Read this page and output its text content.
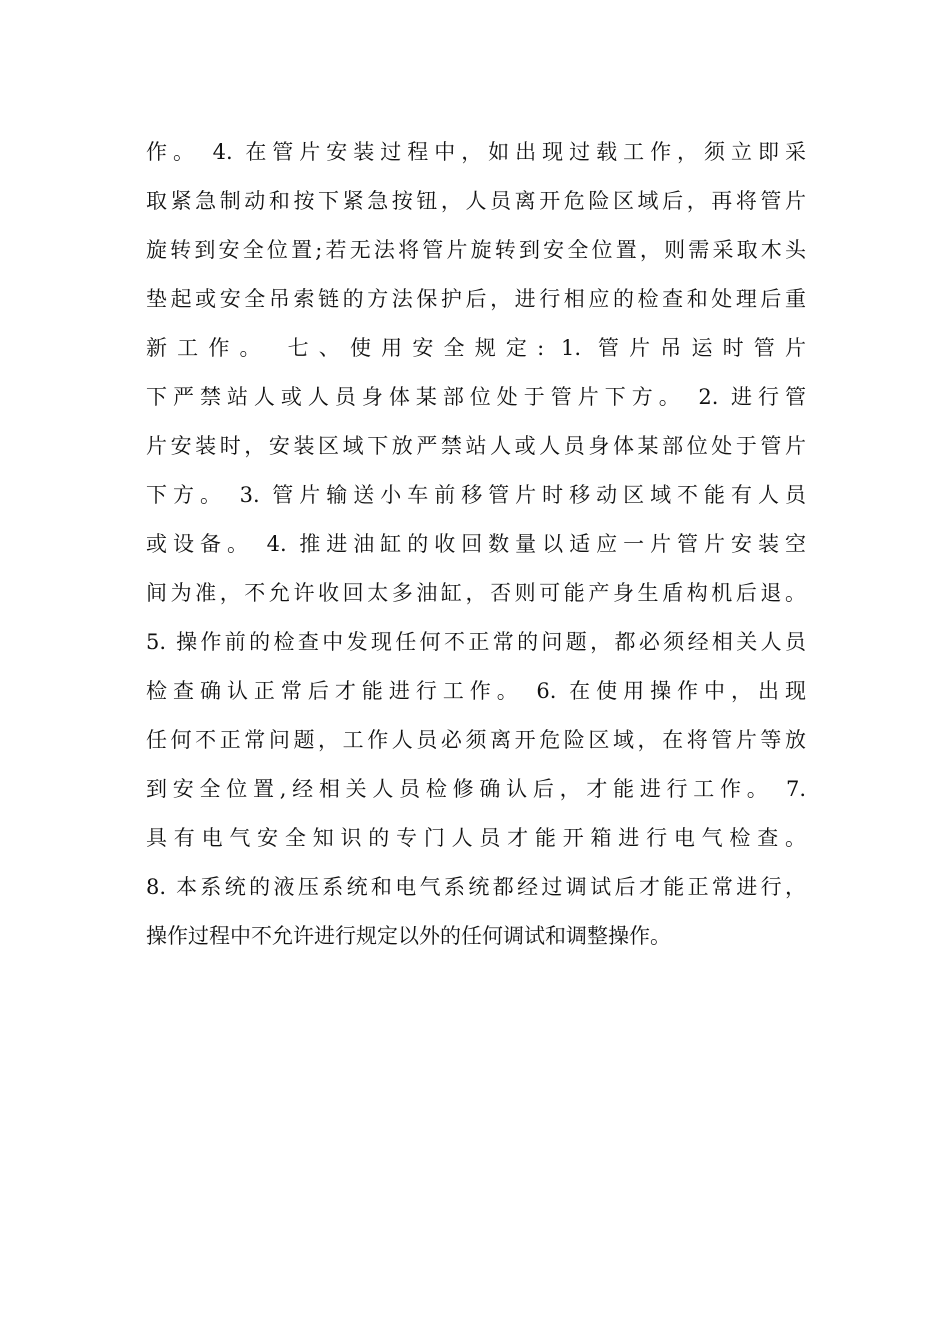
作。 4. 在管片安装过程中，如出现过载工作，须立即采
取紧急制动和按下紧急按钮，人员离开危险区域后，再将管片
旋转到安全位置;若无法将管片旋转到安全位置，则需采取木头
垫起或安全吊索链的方法保护后，进行相应的检查和处理后重
新工作。 七、使用安全规定: 1. 管片吊运时管片
下严禁站人或人员身体某部位处于管片下方。 2. 进行管
片安装时，安装区域下放严禁站人或人员身体某部位处于管片
下方。 3. 管片输送小车前移管片时移动区域不能有人员
或设备。 4. 推进油缸的收回数量以适应一片管片安装空
间为准，不允许收回太多油缸，否则可能产身生盾构机后退。
5. 操作前的检查中发现任何不正常的问题，都必须经相关人员
检查确认正常后才能进行工作。 6. 在使用操作中，出现
任何不正常问题，工作人员必须离开危险区域，在将管片等放
到安全位置,经相关人员检修确认后，才能进行工作。 7.
具有电气安全知识的专门人员才能开箱进行电气检查。
8. 本系统的液压系统和电气系统都经过调试后才能正常进行，
操作过程中不允许进行规定以外的任何调试和调整操作。
